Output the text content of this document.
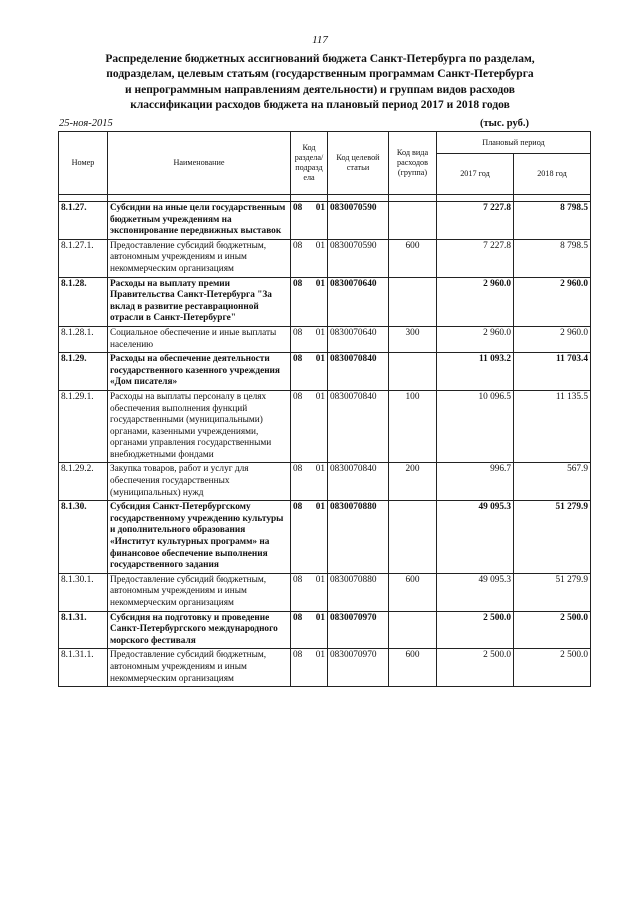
117
Распределение бюджетных ассигнований бюджета Санкт-Петербурга по разделам,
подразделам, целевым статьям (государственным программам Санкт-Петербурга
и непрограммным направлениям деятельности) и группам видов расходов
классификации расходов бюджета на плановый период 2017 и 2018 годов
25-ноя-2015	(тыс. руб.)
Номер	Наименование	Код раздела/ подразд ела	Код целевой статьи	Код вида расходов (группа)	Плановый период	
					2017 год	2018 год

8.1.27.	Субсидии на иные цели государственным бюджетным учреждениям на экспонирование передвижных выставок	08 01	0830070590		7 227.8	8 798.5
8.1.27.1.	Предоставление субсидий бюджетным, автономным учреждениям и иным некоммерческим организациям	08 01	0830070590	600	7 227.8	8 798.5
8.1.28.	Расходы на выплату премии Правительства Санкт-Петербурга "За вклад в развитие реставрационной отрасли в Санкт-Петербурге"	08 01	0830070640		2 960.0	2 960.0
8.1.28.1.	Социальное обеспечение и иные выплаты населению	08 01	0830070640	300	2 960.0	2 960.0
8.1.29.	Расходы на обеспечение деятельности государственного казенного учреждения «Дом писателя»	08 01	0830070840		11 093.2	11 703.4
8.1.29.1.	Расходы на выплаты персоналу в целях обеспечения выполнения функций государственными (муниципальными) органами, казенными учреждениями, органами управления государственными внебюджетными фондами	08 01	0830070840	100	10 096.5	11 135.5
8.1.29.2.	Закупка товаров, работ и услуг для обеспечения государственных (муниципальных) нужд	08 01	0830070840	200	996.7	567.9
8.1.30.	Субсидия Санкт-Петербургскому государственному учреждению культуры и дополнительного образования «Институт культурных программ» на финансовое обеспечение выполнения государственного задания	08 01	0830070880		49 095.3	51 279.9
8.1.30.1.	Предоставление субсидий бюджетным, автономным учреждениям и иным некоммерческим организациям	08 01	0830070880	600	49 095.3	51 279.9
8.1.31.	Субсидия на подготовку и проведение Санкт-Петербургского международного морского фестиваля	08 01	0830070970		2 500.0	2 500.0
8.1.31.1.	Предоставление субсидий бюджетным, автономным учреждениям и иным некоммерческим организациям	08 01	0830070970	600	2 500.0	2 500.0
